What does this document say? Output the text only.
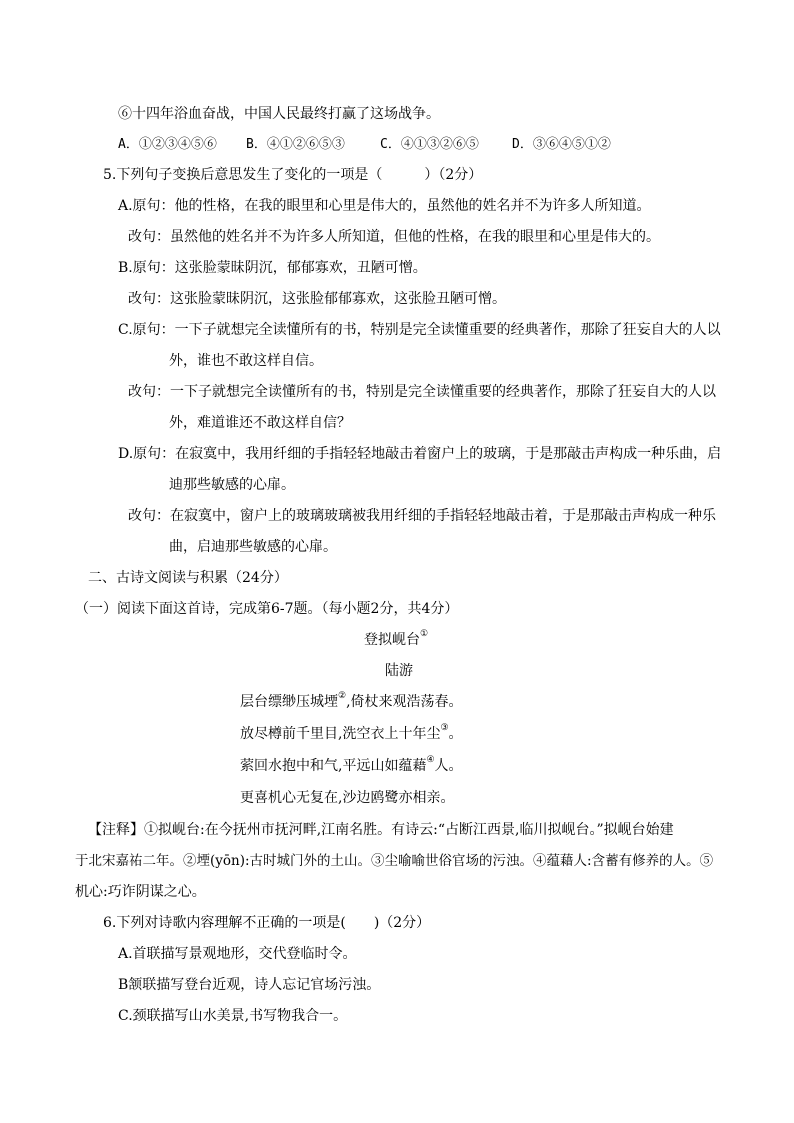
⑥十四年浴血奋战，中国人民最终打赢了这场战争。
A．①②③④⑤⑥ B．④①②⑥⑤③	C．④①③②⑥⑤	D．③⑥④⑤①②
5.下列句子变换后意思发生了变化的一项是（　　　）（2分）
A.原句：他的性格，在我的眼里和心里是伟大的，虽然他的姓名并不为许多人所知道。
改句：虽然他的姓名并不为许多人所知道，但他的性格，在我的眼里和心里是伟大的。
B.原句：这张脸蒙昧阴沉，郁郁寡欢，丑陋可憎。
改句：这张脸蒙昧阴沉，这张脸郁郁寡欢，这张脸丑陋可憎。
C.原句：一下子就想完全读懂所有的书，特别是完全读懂重要的经典著作，那除了狂妄自大的人以
外，谁也不敢这样自信。
改句：一下子就想完全读懂所有的书，特别是完全读懂重要的经典著作，那除了狂妄自大的人以
外，难道谁还不敢这样自信？
D.原句：在寂寞中，我用纤细的手指轻轻地敲击着窗户上的玻璃，于是那敲击声构成一种乐曲，启
迪那些敏感的心扉。
改句：在寂寞中，窗户上的玻璃玻璃被我用纤细的手指轻轻地敲击着，于是那敲击声构成一种乐
曲，启迪那些敏感的心扉。
二、古诗文阅读与积累（24分）
（一）阅读下面这首诗，完成第6-7题。（每小题2分，共4分）
登拟岘台①
陆游
层台缥缈压城堙②,倚杖来观浩荡春。
放尽樽前千里目,洗空衣上十年尘③。
萦回水抱中和气,平远山如蕴藉④人。
更喜机心无复在,沙边鸥鹭亦相亲。
【注释】①拟岘台:在今抚州市抚河畔,江南名胜。有诗云:“占断江西景,临川拟岘台。”拟岘台始建
于北宋嘉祐二年。②堙(yōn):古时城门外的土山。③尘喻喻世俗官场的污浊。④蕴藉人:含蓄有修养的人。⑤
机心:巧诈阴谋之心。
6.下列对诗歌内容理解不正确的一项是(　　)（2分）
A.首联描写景观地形，交代登临时令。
B颔联描写登台近观，诗人忘记官场污浊。
C.颈联描写山水美景,书写物我合一。
